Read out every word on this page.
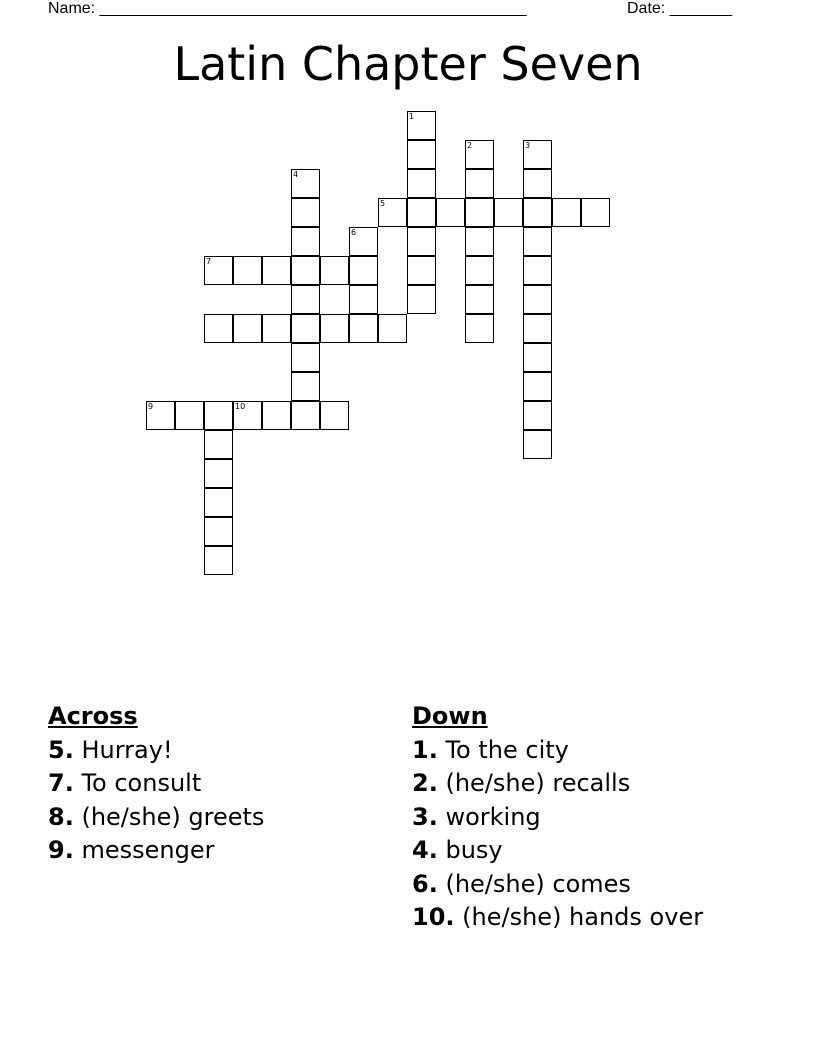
Name: ________________________________________________	Date: _______
Latin Chapter Seven
1
2	3
4
5
6
7
9	10
Across
5. Hurray!
7. To consult
8. (he/she) greets
9. messenger
Down
1. To the city
2. (he/she) recalls
3. working
4. busy
6. (he/she) comes
10. (he/she) hands over
